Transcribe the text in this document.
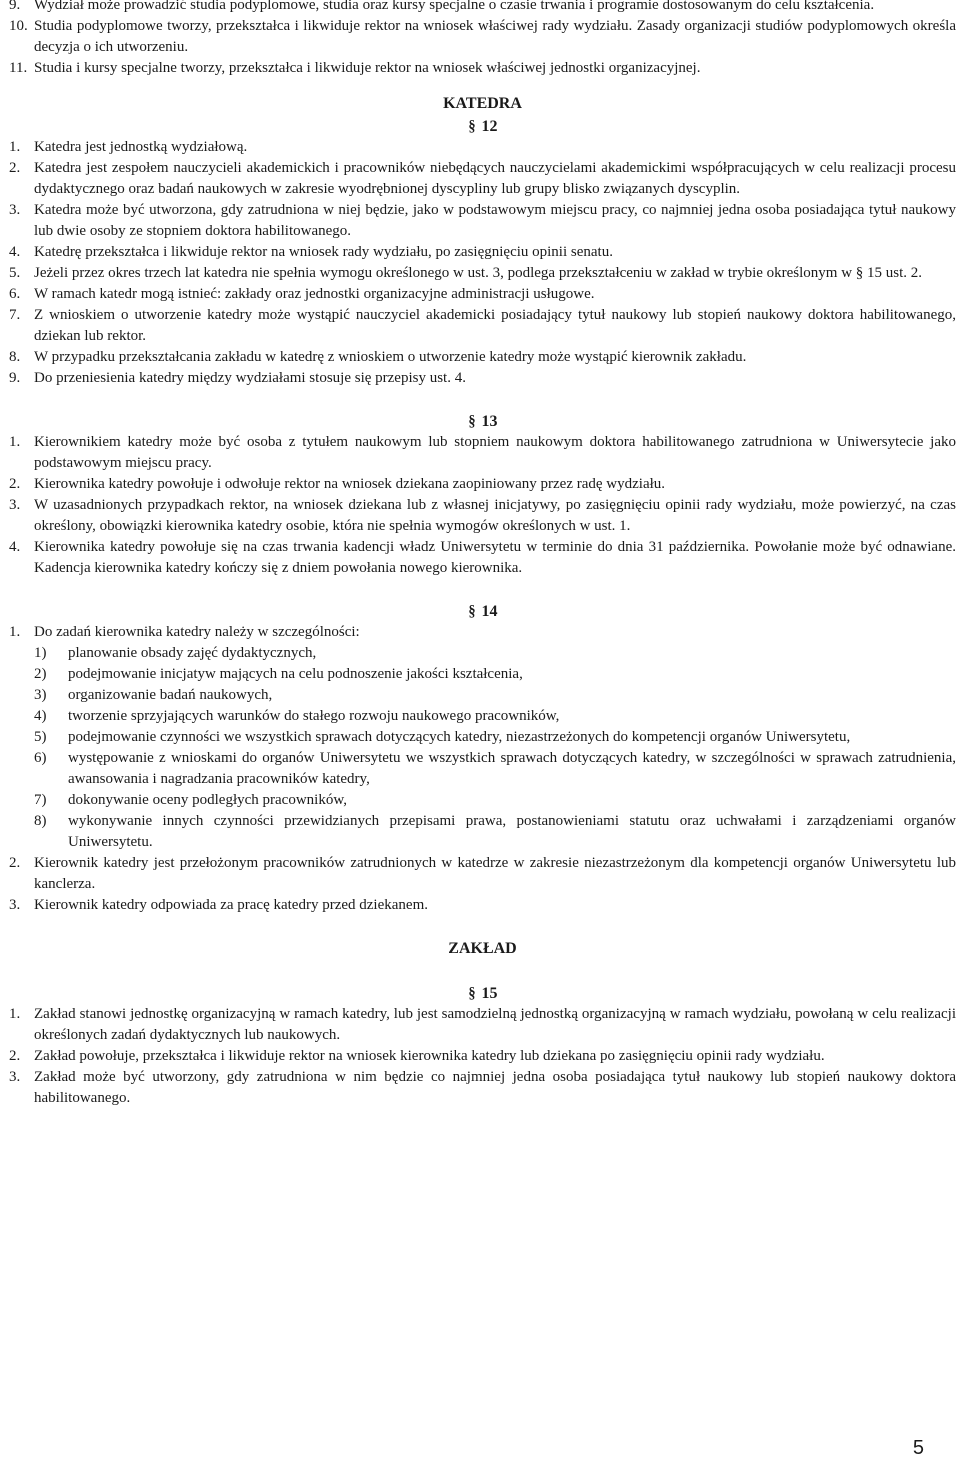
9. Wydział może prowadzić studia podyplomowe, studia oraz kursy specjalne o czasie trwania i programie dostosowanym do celu kształcenia.
10. Studia podyplomowe tworzy, przekształca i likwiduje rektor na wniosek właściwej rady wydziału. Zasady organizacji studiów podyplomowych określa decyzja o ich utworzeniu.
11. Studia i kursy specjalne tworzy, przekształca i likwiduje rektor na wniosek właściwej jednostki organizacyjnej.
KATEDRA
§ 12
1. Katedra jest jednostką wydziałową.
2. Katedra jest zespołem nauczycieli akademickich i pracowników niebędących nauczycielami akademickimi współpracujących w celu realizacji procesu dydaktycznego oraz badań naukowych w zakresie wyodrębnionej dyscypliny lub grupy blisko związanych dyscyplin.
3. Katedra może być utworzona, gdy zatrudniona w niej będzie, jako w podstawowym miejscu pracy, co najmniej jedna osoba posiadająca tytuł naukowy lub dwie osoby ze stopniem doktora habilitowanego.
4. Katedrę przekształca i likwiduje rektor na wniosek rady wydziału, po zasięgnięciu opinii senatu.
5. Jeżeli przez okres trzech lat katedra nie spełnia wymogu określonego w ust. 3, podlega przekształceniu w zakład w trybie określonym w § 15 ust. 2.
6. W ramach katedr mogą istnieć: zakłady oraz jednostki organizacyjne administracji usługowe.
7. Z wnioskiem o utworzenie katedry może wystąpić nauczyciel akademicki posiadający tytuł naukowy lub stopień naukowy doktora habilitowanego, dziekan lub rektor.
8. W przypadku przekształcania zakładu w katedrę z wnioskiem o utworzenie katedry może wystąpić kierownik zakładu.
9. Do przeniesienia katedry między wydziałami stosuje się przepisy ust. 4.
§ 13
1. Kierownikiem katedry może być osoba z tytułem naukowym lub stopniem naukowym doktora habilitowanego zatrudniona w Uniwersytecie jako podstawowym miejscu pracy.
2. Kierownika katedry powołuje i odwołuje rektor na wniosek dziekana zaopiniowany przez radę wydziału.
3. W uzasadnionych przypadkach rektor, na wniosek dziekana lub z własnej inicjatywy, po zasięgnięciu opinii rady wydziału, może powierzyć, na czas określony, obowiązki kierownika katedry osobie, która nie spełnia wymogów określonych w ust. 1.
4. Kierownika katedry powołuje się na czas trwania kadencji władz Uniwersytetu w terminie do dnia 31 października. Powołanie może być odnawiane. Kadencja kierownika katedry kończy się z dniem powołania nowego kierownika.
§ 14
1. Do zadań kierownika katedry należy w szczególności:
1)	planowanie obsady zajęć dydaktycznych,
2)	podejmowanie inicjatyw mających na celu podnoszenie jakości kształcenia,
3)	organizowanie badań naukowych,
4)	tworzenie sprzyjających warunków do stałego rozwoju naukowego pracowników,
5)	podejmowanie czynności we wszystkich sprawach dotyczących katedry, niezastrzeżonych do kompetencji organów Uniwersytetu,
6)	występowanie z wnioskami do organów Uniwersytetu we wszystkich sprawach dotyczących katedry, w szczególności w sprawach zatrudnienia, awansowania i nagradzania pracowników katedry,
7)	dokonywanie oceny podległych pracowników,
8)	wykonywanie innych czynności przewidzianych przepisami prawa, postanowieniami statutu oraz uchwałami i zarządzeniami organów Uniwersytetu.
2. Kierownik katedry jest przełożonym pracowników zatrudnionych w katedrze w zakresie niezastrzeżonym dla kompetencji organów Uniwersytetu lub kanclerza.
3. Kierownik katedry odpowiada za pracę katedry przed dziekanem.
ZAKŁAD
§ 15
1. Zakład stanowi jednostkę organizacyjną w ramach katedry, lub jest samodzielną jednostką organizacyjną w ramach wydziału, powołaną w celu realizacji określonych zadań dydaktycznych lub naukowych.
2. Zakład powołuje, przekształca i likwiduje rektor na wniosek kierownika katedry lub dziekana po zasięgnięciu opinii rady wydziału.
3. Zakład może być utworzony, gdy zatrudniona w nim będzie co najmniej jedna osoba posiadająca tytuł naukowy lub stopień naukowy doktora habilitowanego.
5
